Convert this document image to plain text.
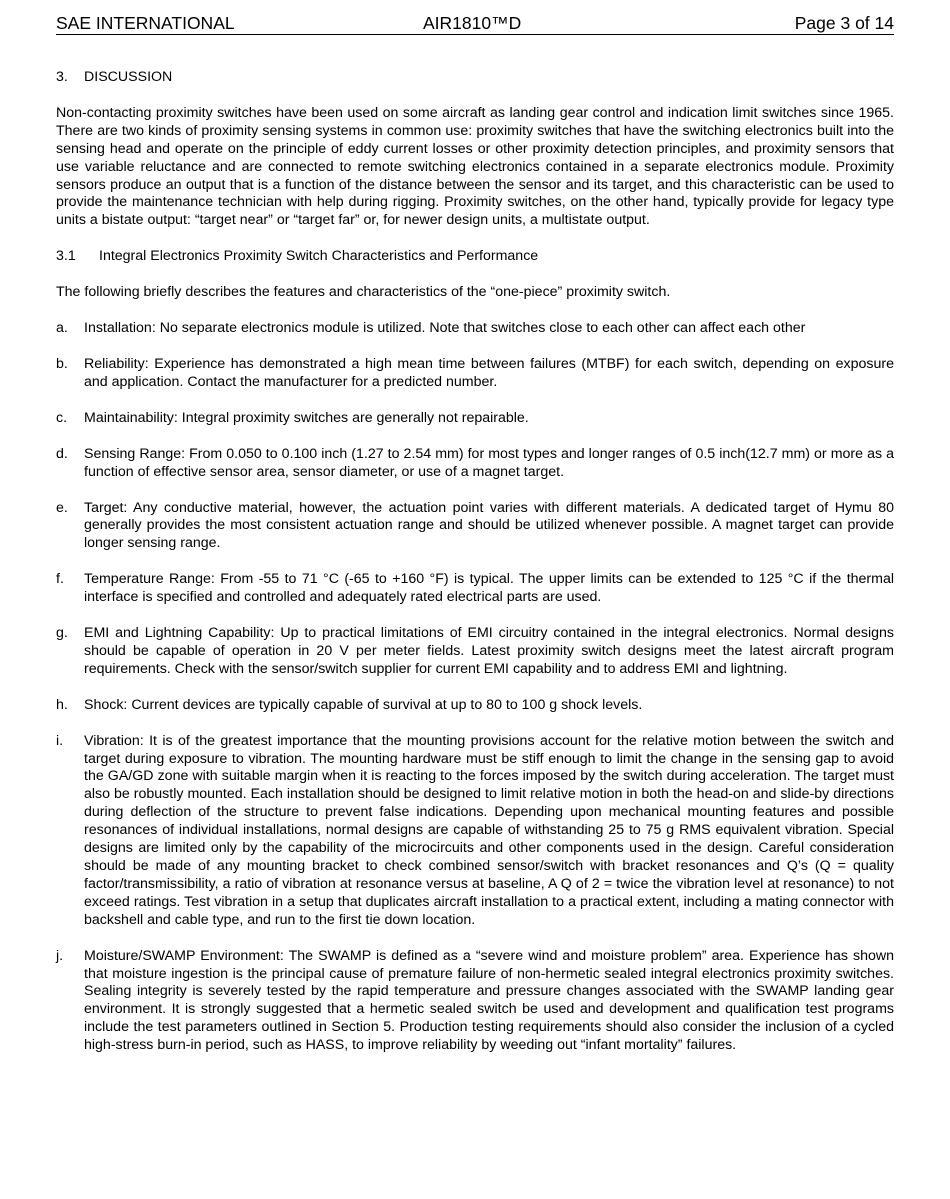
SAE INTERNATIONAL	AIR1810™D	Page 3 of 14
3. DISCUSSION

Non-contacting proximity switches have been used on some aircraft as landing gear control and indication limit switches since 1965. There are two kinds of proximity sensing systems in common use: proximity switches that have the switching electronics built into the sensing head and operate on the principle of eddy current losses or other proximity detection principles, and proximity sensors that use variable reluctance and are connected to remote switching electronics contained in a separate electronics module. Proximity sensors produce an output that is a function of the distance between the sensor and its target, and this characteristic can be used to provide the maintenance technician with help during rigging. Proximity switches, on the other hand, typically provide for legacy type units a bistate output: “target near” or “target far” or, for newer design units, a multistate output.

3.1 Integral Electronics Proximity Switch Characteristics and Performance

The following briefly describes the features and characteristics of the “one-piece” proximity switch.

a.	Installation: No separate electronics module is utilized. Note that switches close to each other can affect each other
b.	Reliability: Experience has demonstrated a high mean time between failures (MTBF) for each switch, depending on exposure and application. Contact the manufacturer for a predicted number.
c.	Maintainability: Integral proximity switches are generally not repairable.
d.	Sensing Range: From 0.050 to 0.100 inch (1.27 to 2.54 mm) for most types and longer ranges of 0.5 inch(12.7 mm) or more as a function of effective sensor area, sensor diameter, or use of a magnet target.
e.	Target: Any conductive material, however, the actuation point varies with different materials. A dedicated target of Hymu 80 generally provides the most consistent actuation range and should be utilized whenever possible. A magnet target can provide longer sensing range.
f.	Temperature Range: From -55 to 71 °C (-65 to +160 °F) is typical. The upper limits can be extended to 125 °C if the thermal interface is specified and controlled and adequately rated electrical parts are used.
g.	EMI and Lightning Capability: Up to practical limitations of EMI circuitry contained in the integral electronics. Normal designs should be capable of operation in 20 V per meter fields. Latest proximity switch designs meet the latest aircraft program requirements. Check with the sensor/switch supplier for current EMI capability and to address EMI and lightning.
h.	Shock: Current devices are typically capable of survival at up to 80 to 100 g shock levels.
i.	Vibration: It is of the greatest importance that the mounting provisions account for the relative motion between the switch and target during exposure to vibration. The mounting hardware must be stiff enough to limit the change in the sensing gap to avoid the GA/GD zone with suitable margin when it is reacting to the forces imposed by the switch during acceleration. The target must also be robustly mounted. Each installation should be designed to limit relative motion in both the head-on and slide-by directions during deflection of the structure to prevent false indications. Depending upon mechanical mounting features and possible resonances of individual installations, normal designs are capable of withstanding 25 to 75 g RMS equivalent vibration. Special designs are limited only by the capability of the microcircuits and other components used in the design. Careful consideration should be made of any mounting bracket to check combined sensor/switch with bracket resonances and Q’s (Q = quality factor/transmissibility, a ratio of vibration at resonance versus at baseline, A Q of 2 = twice the vibration level at resonance) to not exceed ratings. Test vibration in a setup that duplicates aircraft installation to a practical extent, including a mating connector with backshell and cable type, and run to the first tie down location.
j.	Moisture/SWAMP Environment: The SWAMP is defined as a “severe wind and moisture problem” area. Experience has shown that moisture ingestion is the principal cause of premature failure of non-hermetic sealed integral electronics proximity switches. Sealing integrity is severely tested by the rapid temperature and pressure changes associated with the SWAMP landing gear environment. It is strongly suggested that a hermetic sealed switch be used and development and qualification test programs include the test parameters outlined in Section 5. Production testing requirements should also consider the inclusion of a cycled high-stress burn-in period, such as HASS, to improve reliability by weeding out “infant mortality” failures.
